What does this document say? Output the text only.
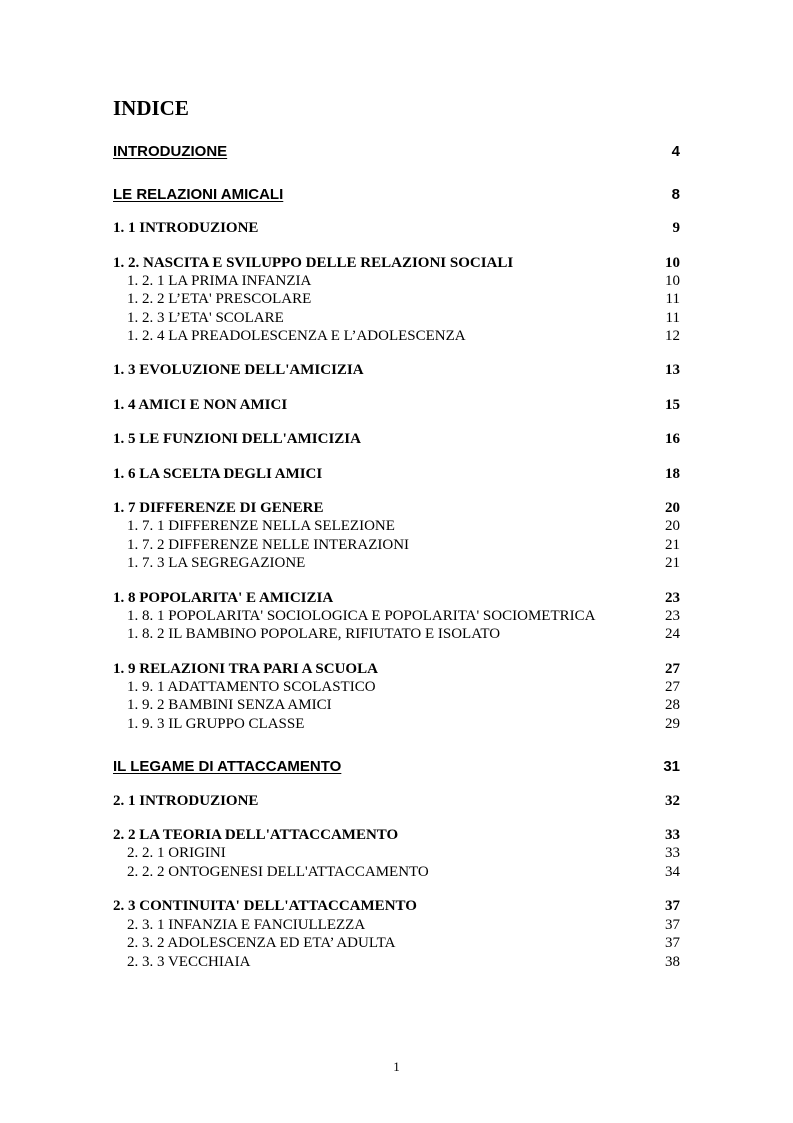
INDICE
INTRODUZIONE	4
LE RELAZIONI AMICALI	8
1. 1 INTRODUZIONE	9
1. 2. NASCITA E SVILUPPO DELLE RELAZIONI SOCIALI	10
1. 2. 1 LA PRIMA INFANZIA	10
1. 2. 2 L’ETA' PRESCOLARE	11
1. 2. 3 L’ETA' SCOLARE	11
1. 2. 4 LA PREADOLESCENZA E L’ADOLESCENZA	12
1. 3 EVOLUZIONE DELL'AMICIZIA	13
1. 4 AMICI E NON AMICI	15
1. 5 LE FUNZIONI DELL'AMICIZIA	16
1. 6 LA SCELTA DEGLI AMICI	18
1. 7 DIFFERENZE DI GENERE	20
1. 7. 1 DIFFERENZE NELLA SELEZIONE	20
1. 7. 2 DIFFERENZE NELLE INTERAZIONI	21
1. 7. 3 LA SEGREGAZIONE	21
1. 8 POPOLARITA' E AMICIZIA	23
1. 8. 1 POPOLARITA' SOCIOLOGICA E POPOLARITA' SOCIOMETRICA	23
1. 8. 2 IL BAMBINO POPOLARE, RIFIUTATO E ISOLATO	24
1. 9 RELAZIONI TRA PARI A SCUOLA	27
1. 9. 1 ADATTAMENTO SCOLASTICO	27
1. 9. 2 BAMBINI SENZA AMICI	28
1. 9. 3 IL GRUPPO CLASSE	29
IL LEGAME DI ATTACCAMENTO	31
2. 1 INTRODUZIONE	32
2. 2 LA TEORIA DELL'ATTACCAMENTO	33
2. 2. 1 ORIGINI	33
2. 2. 2 ONTOGENESI DELL'ATTACCAMENTO	34
2. 3 CONTINUITA' DELL'ATTACCAMENTO	37
2. 3. 1 INFANZIA E FANCIULLEZZA	37
2. 3. 2 ADOLESCENZA ED ETA’ ADULTA	37
2. 3. 3 VECCHIAIA	38
1
